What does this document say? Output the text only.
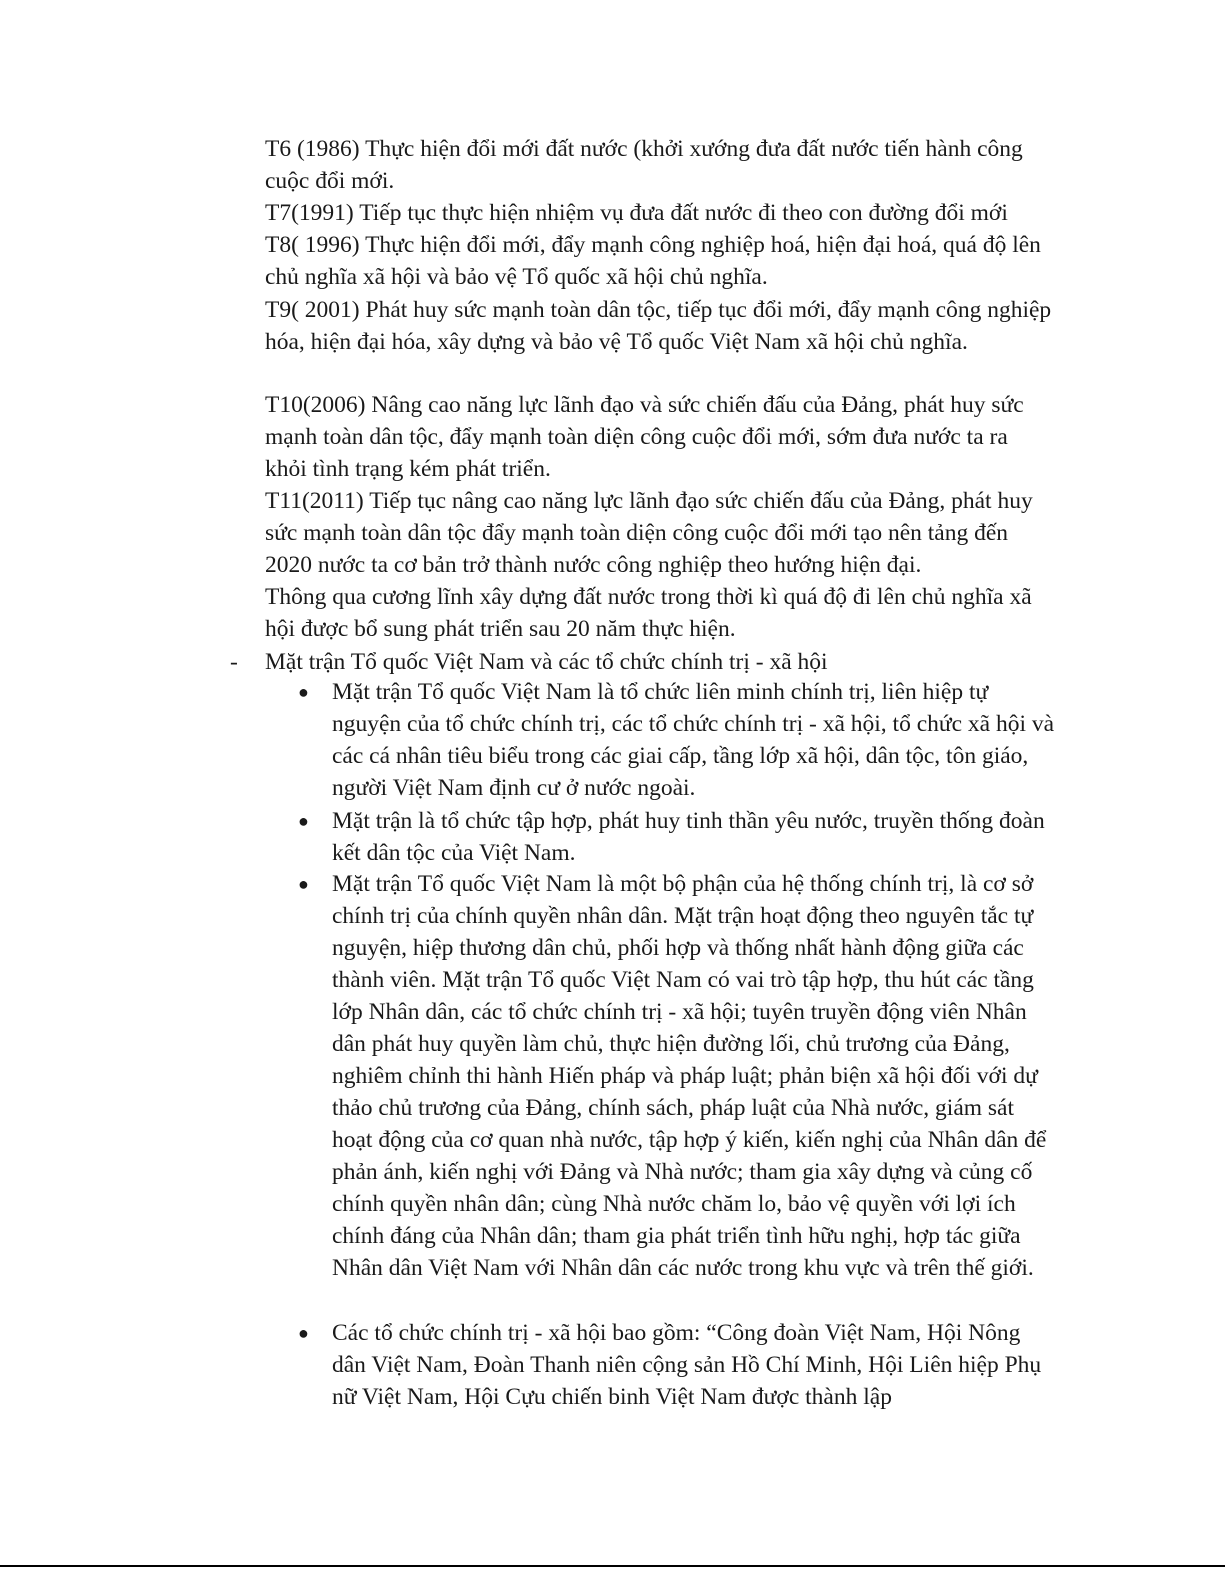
T6 (1986) Thực hiện đổi mới đất nước (khởi xướng đưa đất nước tiến hành công cuộc đổi mới.

T7(1991) Tiếp tục thực hiện nhiệm vụ đưa đất nước đi theo con đường đổi mới

T8( 1996) Thực hiện đổi mới, đẩy mạnh công nghiệp hoá, hiện đại hoá, quá độ lên chủ nghĩa xã hội và bảo vệ Tổ quốc xã hội chủ nghĩa.

T9( 2001) Phát huy sức mạnh toàn dân tộc, tiếp tục đổi mới, đẩy mạnh công nghiệp hóa, hiện đại hóa, xây dựng và bảo vệ Tổ quốc Việt Nam xã hội chủ nghĩa.

T10(2006) Nâng cao năng lực lãnh đạo và sức chiến đấu của Đảng, phát huy sức mạnh toàn dân tộc, đẩy mạnh toàn diện công cuộc đổi mới, sớm đưa nước ta ra khỏi tình trạng kém phát triển.

T11(2011) Tiếp tục nâng cao năng lực lãnh đạo sức chiến đấu của Đảng, phát huy sức mạnh toàn dân tộc đẩy mạnh toàn diện công cuộc đổi mới tạo nên tảng đến 2020 nước ta cơ bản trở thành nước công nghiệp theo hướng hiện đại.

Thông qua cương lĩnh xây dựng đất nước trong thời kì quá độ đi lên chủ nghĩa xã hội được bổ sung phát triển sau 20 năm thực hiện.

- Mặt trận Tổ quốc Việt Nam và các tổ chức chính trị - xã hội
● Mặt trận Tổ quốc Việt Nam là tổ chức liên minh chính trị, liên hiệp tự nguyện của tổ chức chính trị, các tổ chức chính trị - xã hội, tổ chức xã hội và các cá nhân tiêu biểu trong các giai cấp, tầng lớp xã hội, dân tộc, tôn giáo, người Việt Nam định cư ở nước ngoài.

● Mặt trận là tổ chức tập hợp, phát huy tinh thần yêu nước, truyền thống đoàn kết dân tộc của Việt Nam.

● Mặt trận Tổ quốc Việt Nam là một bộ phận của hệ thống chính trị, là cơ sở chính trị của chính quyền nhân dân. Mặt trận hoạt động theo nguyên tắc tự nguyện, hiệp thương dân chủ, phối hợp và thống nhất hành động giữa các thành viên. Mặt trận Tổ quốc Việt Nam có vai trò tập hợp, thu hút các tầng lớp Nhân dân, các tổ chức chính trị - xã hội; tuyên truyền động viên Nhân dân phát huy quyền làm chủ, thực hiện đường lối, chủ trương của Đảng, nghiêm chỉnh thi hành Hiến pháp và pháp luật; phản biện xã hội đối với dự thảo chủ trương của Đảng, chính sách, pháp luật của Nhà nước, giám sát hoạt động của cơ quan nhà nước, tập hợp ý kiến, kiến nghị của Nhân dân để phản ánh, kiến nghị với Đảng và Nhà nước; tham gia xây dựng và củng cố chính quyền nhân dân; cùng Nhà nước chăm lo, bảo vệ quyền với lợi ích chính đáng của Nhân dân; tham gia phát triển tình hữu nghị, hợp tác giữa Nhân dân Việt Nam với Nhân dân các nước trong khu vực và trên thế giới.

● Các tổ chức chính trị - xã hội bao gồm: “Công đoàn Việt Nam, Hội Nông dân Việt Nam, Đoàn Thanh niên cộng sản Hồ Chí Minh, Hội Liên hiệp Phụ nữ Việt Nam, Hội Cựu chiến binh Việt Nam được thành lập
